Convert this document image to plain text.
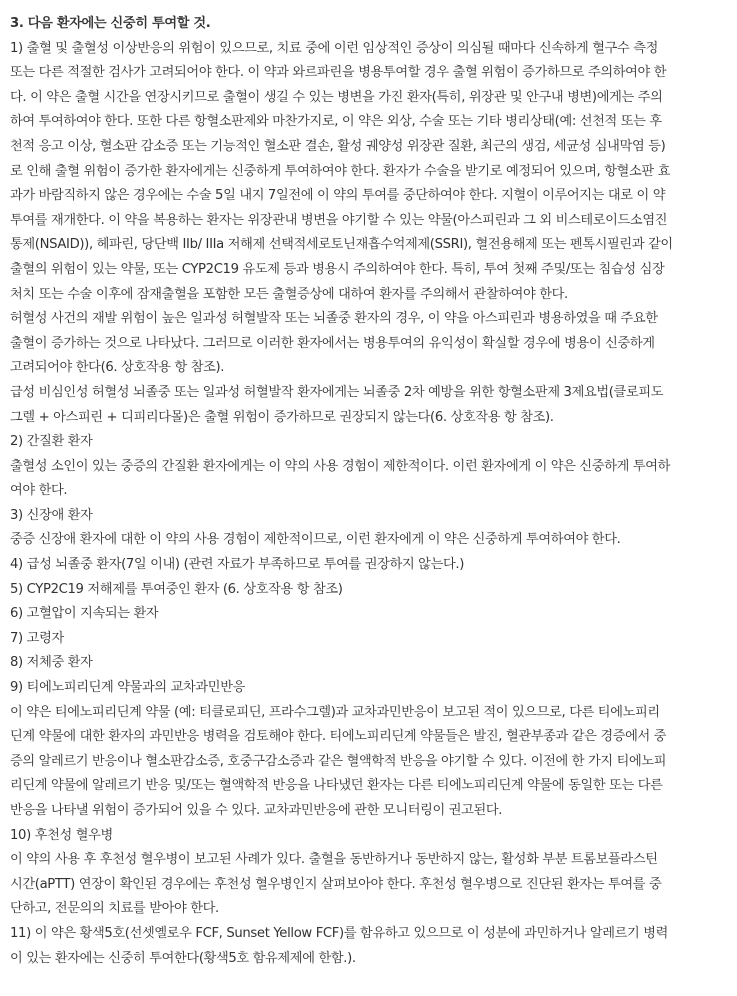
3. 다음 환자에는 신중히 투여할 것.
1) 출혈 및 출혈성 이상반응의 위험이 있으므로, 치료 중에 이런 임상적인 증상이 의심될 때마다 신속하게 혈구수 측정
또는 다른 적절한 검사가 고려되어야 한다. 이 약과 와르파린을 병용투여할 경우 출혈 위험이 증가하므로 주의하여야 한
다. 이 약은 출혈 시간을 연장시키므로 출혈이 생길 수 있는 병변을 가진 환자(특히, 위장관 및 안구내 병변)에게는 주의
하여 투여하여야 한다. 또한 다른 항혈소판제와 마찬가지로, 이 약은 외상, 수술 또는 기타 병리상태(예: 선천적 또는 후
천적 응고 이상, 혈소판 감소증 또는 기능적인 혈소판 결손, 활성 궤양성 위장관 질환, 최근의 생검, 세균성 심내막염 등)
로 인해 출혈 위험이 증가한 환자에게는 신중하게 투여하여야 한다. 환자가 수술을 받기로 예정되어 있으며, 항혈소판 효
과가 바람직하지 않은 경우에는 수술 5일 내지 7일전에 이 약의 투여를 중단하여야 한다. 지혈이 이루어지는 대로 이 약
투여를 재개한다. 이 약을 복용하는 환자는 위장관내 병변을 야기할 수 있는 약물(아스피린과 그 외 비스테로이드소염진
통제(NSAID)), 헤파린, 당단백 IIb/ IIIa 저해제 선택적세로토닌재흡수억제제(SSRI), 혈전용해제 또는 펜톡시필린과 같이
출혈의 위험이 있는 약물, 또는 CYP2C19 유도제 등과 병용시 주의하여야 한다. 특히, 투여 첫째 주및/또는 침습성 심장
처치 또는 수술 이후에 잠재출혈을 포함한 모든 출혈증상에 대하여 환자를 주의해서 관찰하여야 한다.
허혈성 사건의 재발 위험이 높은 일과성 허혈발작 또는 뇌졸중 환자의 경우, 이 약을 아스피린과 병용하였을 때 주요한
출혈이 증가하는 것으로 나타났다. 그러므로 이러한 환자에서는 병용투여의 유익성이 확실할 경우에 병용이 신중하게
고려되어야 한다(6. 상호작용 항 참조).
급성 비심인성 허혈성 뇌졸중 또는 일과성 허혈발작 환자에게는 뇌졸중 2차 예방을 위한 항혈소판제 3제요법(클로피도
그렐 + 아스피린 + 디피리다몰)은 출혈 위험이 증가하므로 권장되지 않는다(6. 상호작용 항 참조).
2) 간질환 환자
출혈성 소인이 있는 중증의 간질환 환자에게는 이 약의 사용 경험이 제한적이다. 이런 환자에게 이 약은 신중하게 투여하
여야 한다.
3) 신장애 환자
중증 신장애 환자에 대한 이 약의 사용 경험이 제한적이므로, 이런 환자에게 이 약은 신중하게 투여하여야 한다.
4) 급성 뇌졸중 환자(7일 이내) (관련 자료가 부족하므로 투여를 권장하지 않는다.)
5) CYP2C19 저해제를 투여중인 환자 (6. 상호작용 항 참조)
6) 고혈압이 지속되는 환자
7) 고령자
8) 저체중 환자
9) 티에노피리딘계 약물과의 교차과민반응
이 약은 티에노피리딘계 약물 (예: 티클로피딘, 프라수그렐)과 교차과민반응이 보고된 적이 있으므로, 다른 티에노피리
딘계 약물에 대한 환자의 과민반응 병력을 검토해야 한다. 티에노피리딘계 약물들은 발진, 혈관부종과 같은 경증에서 중
증의 알레르기 반응이나 혈소판감소증, 호중구감소증과 같은 혈액학적 반응을 야기할 수 있다. 이전에 한 가지 티에노피
리딘계 약물에 알레르기 반응 및/또는 혈액학적 반응을 나타냈던 환자는 다른 티에노피리딘계 약물에 동일한 또는 다른
반응을 나타낼 위험이 증가되어 있을 수 있다. 교차과민반응에 관한 모니터링이 권고된다.
10) 후천성 혈우병
이 약의 사용 후 후천성 혈우병이 보고된 사례가 있다. 출혈을 동반하거나 동반하지 않는, 활성화 부분 트롬보플라스틴
시간(aPTT) 연장이 확인된 경우에는 후천성 혈우병인지 살펴보아야 한다. 후천성 혈우병으로 진단된 환자는 투여를 중
단하고, 전문의의 치료를 받아야 한다.
11) 이 약은 황색5호(선셋옐로우 FCF, Sunset Yellow FCF)를 함유하고 있으므로 이 성분에 과민하거나 알레르기 병력
이 있는 환자에는 신중히 투여한다(황색5호 함유제제에 한함.).
